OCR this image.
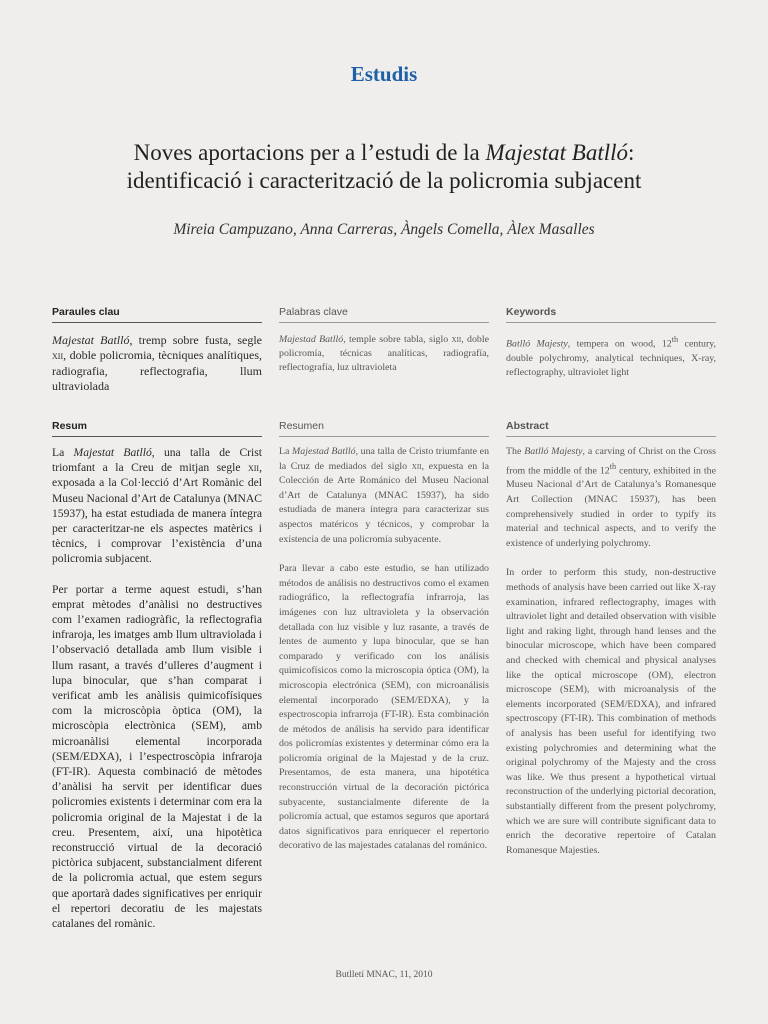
Estudis
Noves aportacions per a l’estudi de la Majestat Batlló:
identificació i caracterització de la policromia subjacent

Mireia Campuzano, Anna Carreras, Àngels Comella, Àlex Masalles

Paraules clau

Majestat Batlló, tremp sobre fusta, segle xii, doble policromia, tècniques analítiques, radiografia, reflectografia, llum ultraviolada

Resum

La Majestat Batlló, una talla de Crist triomfant a la Creu de mitjan segle xii, exposada a la Col·lecció d’Art Romànic del Museu Nacional d’Art de Catalunya (MNAC 15937), ha estat estudiada de manera íntegra per caracteritzar-ne els aspectes matèrics i tècnics, i comprovar l’existència d’una policromia subjacent.

Per portar a terme aquest estudi, s’han emprat mètodes d’anàlisi no destructives com l’examen radiogràfic, la reflectografia infraroja, les imatges amb llum ultraviolada i l’observació detallada amb llum visible i llum rasant, a través d’ulleres d’augment i lupa binocular, que s’han comparat i verificat amb les anàlisis quimicofísiques com la microscòpia òptica (OM), la microscòpia electrònica (SEM), amb microanàlisi elemental incorporada (SEM/EDXA), i l’espectroscòpia infraroja (FT-IR). Aquesta combinació de mètodes d’anàlisi ha servit per identificar dues policromies existents i determinar com era la policromia original de la Majestat i de la creu. Presentem, així, una hipotètica reconstrucció virtual de la decoració pictòrica subjacent, substancialment diferent de la policromia actual, que estem segurs que aportarà dades significatives per enriquir el repertori decoratiu de les majestats catalanes del romànic.

Palabras clave

Majestad Batlló, temple sobre tabla, siglo xii, doble policromía, técnicas analíticas, radiografía, reflectografía, luz ultravioleta

Resumen

La Majestad Batlló, una talla de Cristo triumfante en la Cruz de mediados del siglo xii, expuesta en la Colección de Arte Románico del Museu Nacional d’Art de Catalunya (MNAC 15937), ha sido estudiada de manera íntegra para caracterizar sus aspectos matéricos y técnicos, y comprobar la existencia de una policromía subyacente.

Para llevar a cabo este estudio, se han utilizado métodos de análisis no destructivos como el examen radiográfico, la reflectografía infrarroja, las imágenes con luz ultravioleta y la observación detallada con luz visible y luz rasante, a través de lentes de aumento y lupa binocular, que se han comparado y verificado con los análisis quimicofísicos como la microscopia óptica (OM), la microscopia electrónica (SEM), con microanálisis elemental incorporado (SEM/EDXA), y la espectroscopia infrarroja (FT-IR). Esta combinación de métodos de análisis ha servido para identificar dos policromías existentes y determinar cómo era la policromía original de la Majestad y de la cruz. Presentamos, de esta manera, una hipotética reconstrucción virtual de la decoración pictórica subyacente, sustancialmente diferente de la policromía actual, que estamos seguros que aportará datos significativos para enriquecer el repertorio decorativo de las majestades catalanas del románico.

Keywords

Batlló Majesty, tempera on wood, 12th century, double polychromy, analytical techniques, X-ray, reflectography, ultraviolet light

Abstract

The Batlló Majesty, a carving of Christ on the Cross from the middle of the 12th century, exhibited in the Museu Nacional d’Art de Catalunya’s Romanesque Art Collection (MNAC 15937), has been comprehensively studied in order to typify its material and technical aspects, and to verify the existence of underlying polychromy.

In order to perform this study, non-destructive methods of analysis have been carried out like X-ray examination, infrared reflectography, images with ultraviolet light and detailed observation with visible light and raking light, through hand lenses and the binocular microscope, which have been compared and checked with chemical and physical analyses like the optical microscope (OM), electron microscope (SEM), with microanalysis of the elements incorporated (SEM/EDXA), and infrared spectroscopy (FT-IR). This combination of methods of analysis has been useful for identifying two existing polychromies and determining what the original polychromy of the Majesty and the cross was like. We thus present a hypothetical virtual reconstruction of the underlying pictorial decoration, substantially different from the present polychromy, which we are sure will contribute significant data to enrich the decorative repertoire of Catalan Romanesque Majesties.

Butlletí MNAC, 11, 2010
